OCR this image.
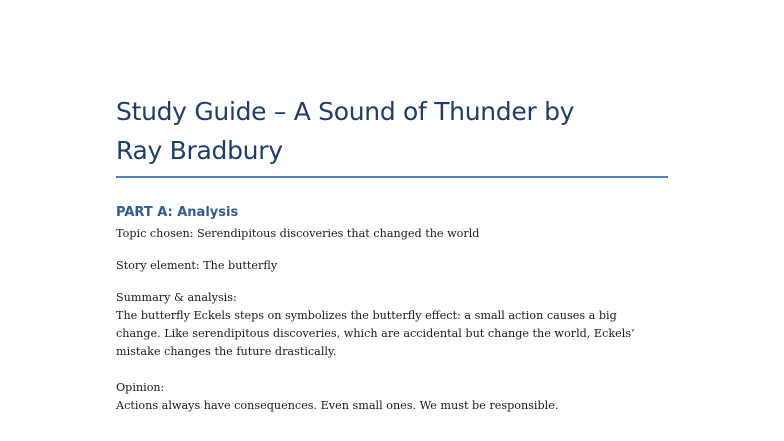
Study Guide – A Sound of Thunder by
Ray Bradbury
PART A: Analysis

Topic chosen: Serendipitous discoveries that changed the world

Story element: The butterfly

Summary & analysis:

The butterfly Eckels steps on symbolizes the butterfly effect: a small action causes a big

change. Like serendipitous discoveries, which are accidental but change the world, Eckels’

mistake changes the future drastically.

Opinion:

Actions always have consequences. Even small ones. We must be responsible.
